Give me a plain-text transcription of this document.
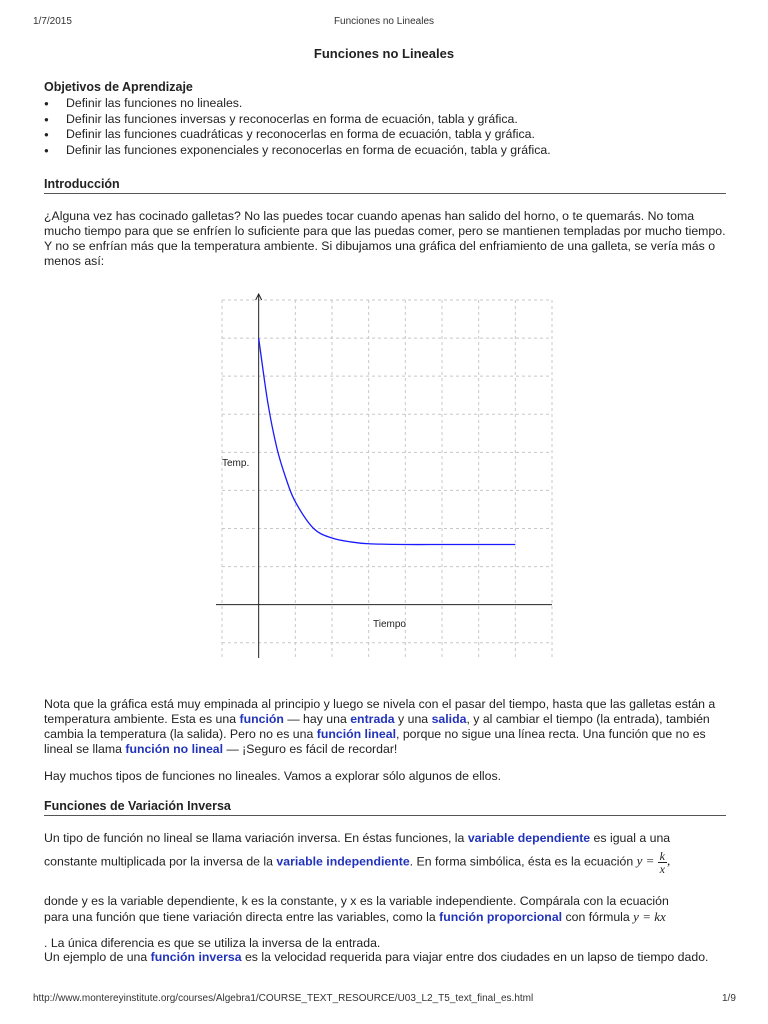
1/7/2015	Funciones no Lineales
Funciones no Lineales
Objetivos de Aprendizaje
● Definir las funciones no lineales.
● Definir las funciones inversas y reconocerlas en forma de ecuación, tabla y gráfica.
● Definir las funciones cuadráticas y reconocerlas en forma de ecuación, tabla y gráfica.
● Definir las funciones exponenciales y reconocerlas en forma de ecuación, tabla y gráfica.
Introducción
¿Alguna vez has cocinado galletas? No las puedes tocar cuando apenas han salido del horno, o te quemarás. No toma mucho tiempo para que se enfríen lo suficiente para que las puedas comer, pero se mantienen templadas por mucho tiempo. Y no se enfrían más que la temperatura ambiente. Si dibujamos una gráfica del enfriamiento de una galleta, se vería más o menos así:
Temp.
Tiempo
Nota que la gráfica está muy empinada al principio y luego se nivela con el pasar del tiempo, hasta que las galletas están a temperatura ambiente. Esta es una función — hay una entrada y una salida, y al cambiar el tiempo (la entrada), también cambia la temperatura (la salida). Pero no es una función lineal, porque no sigue una línea recta. Una función que no es lineal se llama función no lineal — ¡Seguro es fácil de recordar!
Hay muchos tipos de funciones no lineales. Vamos a explorar sólo algunos de ellos.
Funciones de Variación Inversa
Un tipo de función no lineal se llama variación inversa. En éstas funciones, la variable dependiente es igual a una
constante multiplicada por la inversa de la variable independiente. En forma simbólica, ésta es la ecuación $y = \frac{k}{x}$ ,
donde y es la variable dependiente, k es la constante, y x es la variable independiente. Compárala con la ecuación
para una función que tiene variación directa entre las variables, como la función proporcional con fórmula y = kx
. La única diferencia es que se utiliza la inversa de la entrada.
Un ejemplo de una función inversa es la velocidad requerida para viajar entre dos ciudades en un lapso de tiempo dado.
http://www.montereyinstitute.org/courses/Algebra1/COURSE_TEXT_RESOURCE/U03_L2_T5_text_final_es.html	1/9
